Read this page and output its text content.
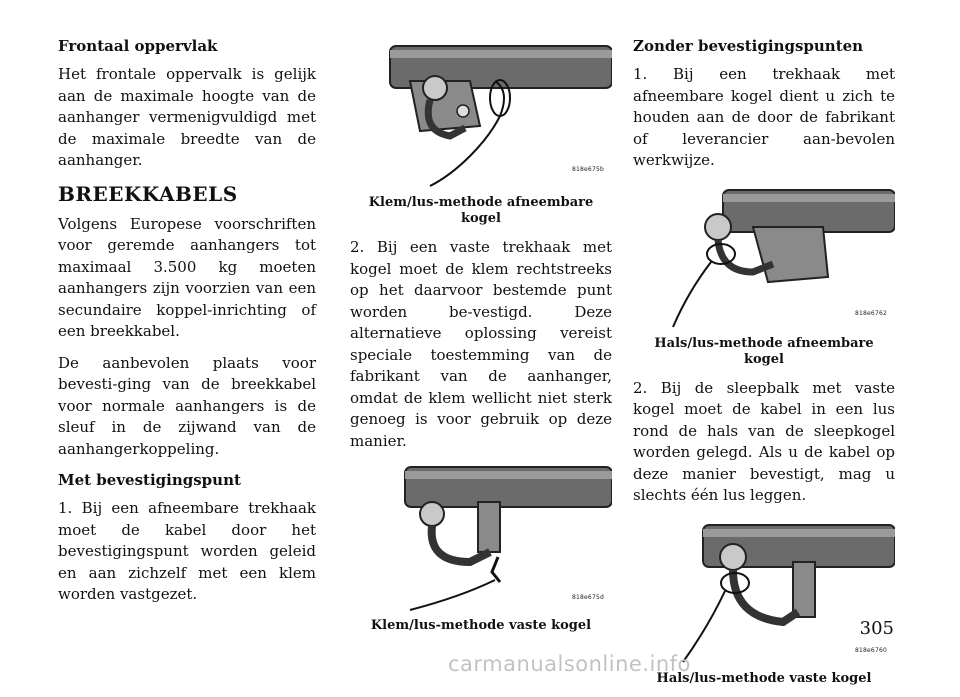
Frontaal oppervlak

Het frontale oppervalk is gelijk aan de maximale hoogte van de aanhanger vermenigvuldigd met de maximale breedte van de aanhanger.

BREEKKABELS

Volgens Europese voorschriften voor geremde aanhangers tot maximaal 3.500 kg moeten aanhangers zijn voorzien van een secundaire koppel-inrichting of een breekkabel.

De aanbevolen plaats voor bevesti-ging van de breekkabel voor normale aanhangers is de sleuf in de zijwand van de aanhangerkoppeling.

Met bevestigingspunt

1. Bij een afneembare trekhaak moet de kabel door het bevestigingspunt worden geleid en aan zichzelf met een klem worden vastgezet.

818e675b
Klem/lus-methode afneembare kogel

2. Bij een vaste trekhaak met kogel moet de klem rechtstreeks op het daarvoor bestemde punt worden be-vestigd. Deze alternatieve oplossing vereist speciale toestemming van de fabrikant van de aanhanger, omdat de klem wellicht niet sterk genoeg is voor gebruik op deze manier.

818e675d
Klem/lus-methode vaste kogel
Zonder bevestigingspunten

1. Bij een trekhaak met afneembare kogel dient u zich te houden aan de door de fabrikant of leverancier aan-bevolen werkwijze.

818e6762
Hals/lus-methode afneembare kogel

2. Bij de sleepbalk met vaste kogel moet de kabel in een lus rond de hals van de sleepkogel worden gelegd. Als u de kabel op deze manier bevestigt, mag u slechts één lus leggen.

818e6760
Hals/lus-methode vaste kogel
305
carmanualsonline.info
